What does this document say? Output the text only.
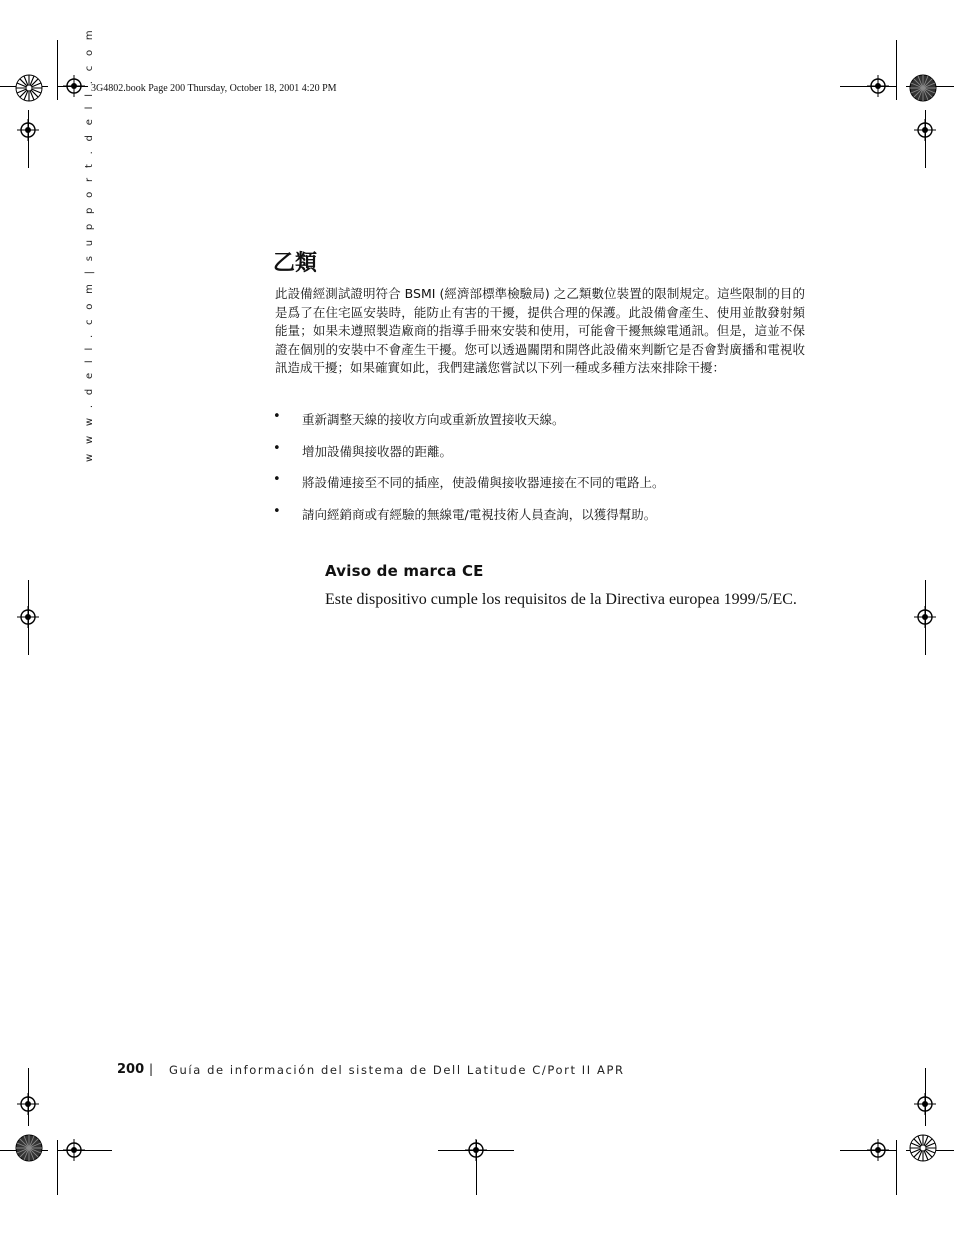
3G4802.book Page 200 Thursday, October 18, 2001 4:20 PM
w w w . d e l l . c o m | s u p p o r t . d e l l . c o m	乙類
此設備經測試證明符合 BSMI (經濟部標準檢驗局) 之乙類數位裝置的限制規定。這些限制的目的是爲了在住宅區安裝時，能防止有害的干擾，提供合理的保護。此設備會產生、使用並散發射頻能量；如果未遵照製造廠商的指導手冊來安裝和使用，可能會干擾無線電通訊。但是，這並不保證在個別的安裝中不會產生干擾。您可以透過關閉和開啓此設備來判斷它是否會對廣播和電視收訊造成干擾；如果確實如此，我們建議您嘗試以下列一種或多種方法來排除干擾：
• 重新調整天線的接收方向或重新放置接收天線。
• 增加設備與接收器的距離。
• 將設備連接至不同的插座，使設備與接收器連接在不同的電路上。
• 請向經銷商或有經驗的無線電/電視技術人員查詢，以獲得幫助。
Aviso de marca CE
Este dispositivo cumple los requisitos de la Directiva europea 1999/5/EC.
200 | Guía de información del sistema de Dell Latitude C/Port II APR
